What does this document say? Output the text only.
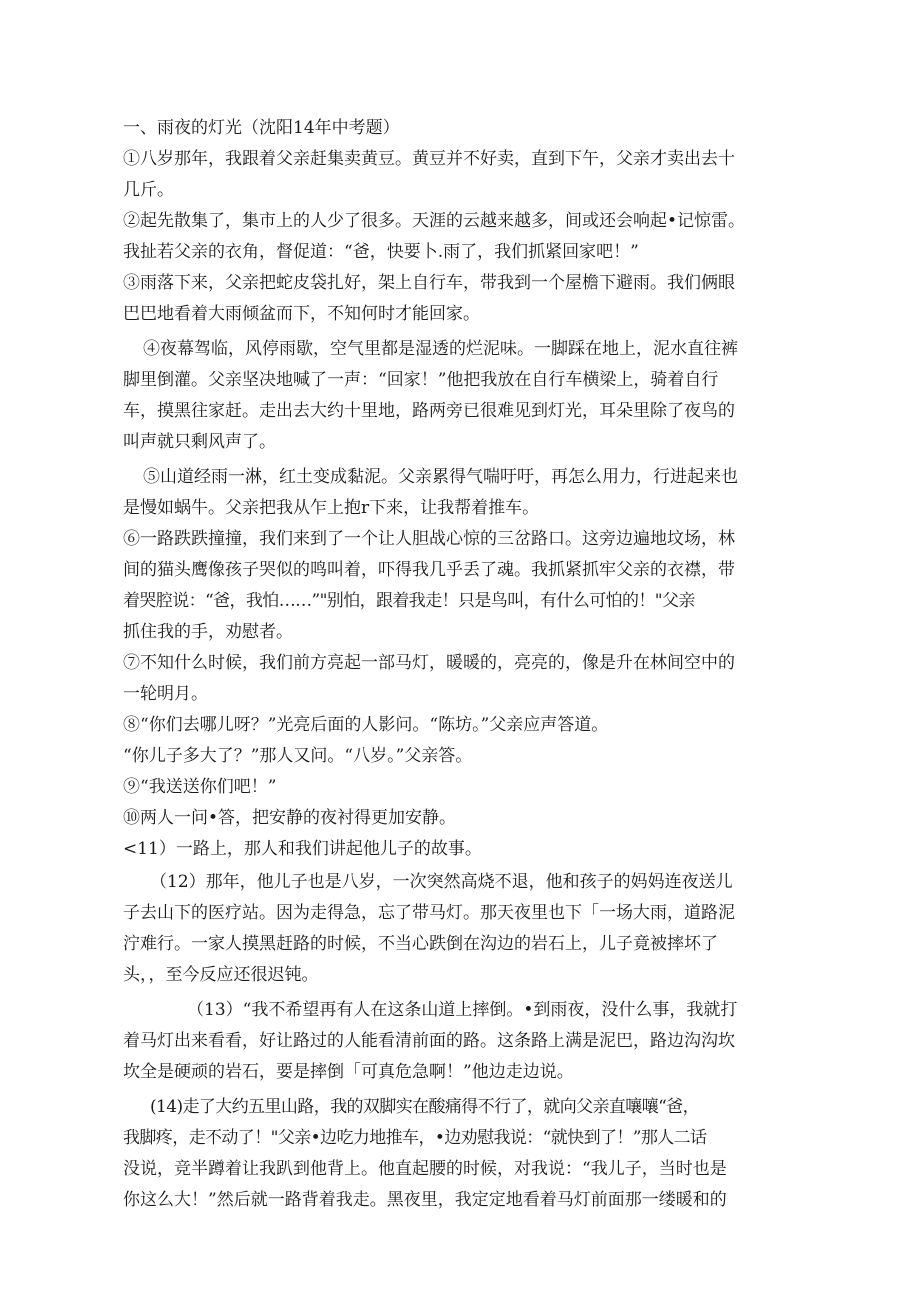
一、雨夜的灯光（沈阳14年中考题）
①八岁那年，我跟着父亲赶集卖黄豆。黄豆并不好卖，直到下午，父亲才卖出去十
几斤。
②起先散集了，集市上的人少了很多。天涯的云越来越多，间或还会响起•记惊雷。
我扯若父亲的衣角，督促道：“爸，快要卜.雨了，我们抓紧回家吧！”
③雨落下来，父亲把蛇皮袋扎好，架上自行车，带我到一个屋檐下避雨。我们俩眼
巴巴地看着大雨倾盆而下，不知何时才能回家。
④夜幕驾临，风停雨歇，空气里都是湿透的烂泥味。一脚踩在地上，泥水直往裤
脚里倒灌。父亲坚决地喊了一声：“回家！”他把我放在自行车横梁上，骑着自行
车，摸黑往家赶。走出去大约十里地，路两旁已很难见到灯光，耳朵里除了夜鸟的
叫声就只剩风声了。
⑤山道经雨一淋，红土变成黏泥。父亲累得气喘吁吁，再怎么用力，行进起来也
是慢如蜗牛。父亲把我从乍上抱r下来，让我帮着推车。
⑥一路跌跌撞撞，我们来到了一个让人胆战心惊的三岔路口。这旁边遍地坟场，林
间的猫头鹰像孩子哭似的鸣叫着，吓得我几乎丢了魂。我抓紧抓牢父亲的衣襟，带
着哭腔说：“爸，我怕……”"别怕，跟着我走！只是鸟叫，有什么可怕的！"父亲
抓住我的手，劝慰者。
⑦不知什么时候，我们前方亮起一部马灯，暖暖的，亮亮的，像是升在林间空中的
一轮明月。
⑧“你们去哪儿呀？”光亮后面的人影问。“陈坊。”父亲应声答道。
“你儿子多大了？”那人又问。“八岁。”父亲答。
⑨“我送送你们吧！”
⑩两人一问•答，把安静的夜衬得更加安静。
<11）一路上，那人和我们讲起他儿子的故事。
（12）那年，他儿子也是八岁，一次突然高烧不退，他和孩子的妈妈连夜送儿
子去山下的医疗站。因为走得急，忘了带马灯。那天夜里也下「一场大雨，道路泥
泞难行。一家人摸黑赶路的时候，不当心跌倒在沟边的岩石上，儿子竟被摔坏了
头，，至今反应还很迟钝。
（13）“我不希望再有人在这条山道上摔倒。•到雨夜，没什么事，我就打
着马灯出来看看，好让路过的人能看清前面的路。这条路上满是泥巴，路边沟沟坎
坎全是硬顽的岩石，要是摔倒「可真危急啊！”他边走边说。
(14)走了大约五里山路，我的双脚实在酸痛得不行了，就向父亲直嚷嚷“爸，
我脚疼，走不动了！"父亲•边吃力地推车，•边劝慰我说：“就快到了！”那人二话
没说，竞半蹲着让我趴到他背上。他直起腰的时候，对我说：“我儿子，当时也是
你这么大！”然后就一路背着我走。黑夜里，我定定地看着马灯前面那一缕暖和的
